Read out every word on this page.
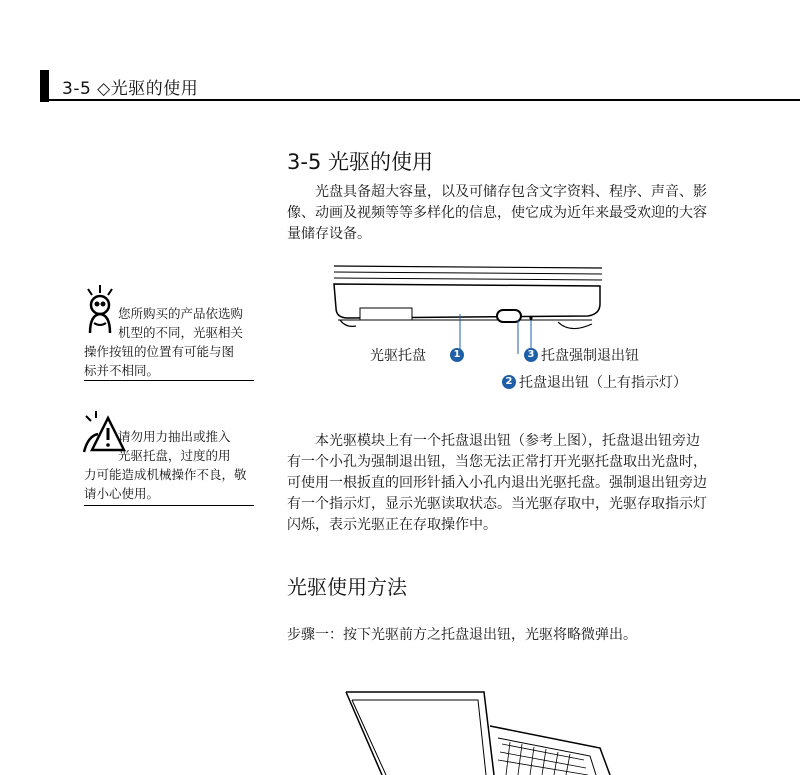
3-5 ◇光驱的使用
3-5 光驱的使用
光盘具备超大容量，以及可储存包含文字资料、程序、声音、影像、动画及视频等等多样化的信息，使它成为近年来最受欢迎的大容量储存设备。
您所购买的产品依选购
机型的不同，光驱相关
操作按钮的位置有可能与图
标并不相同。
请勿用力抽出或推入
光驱托盘，过度的用
力可能造成机械操作不良，敬
请小心使用。
光驱托盘	1	3 托盘强制退出钮
2 托盘退出钮（上有指示灯）
本光驱模块上有一个托盘退出钮（参考上图），托盘退出钮旁边有一个小孔为强制退出钮，当您无法正常打开光驱托盘取出光盘时，可使用一根扳直的回形针插入小孔内退出光驱托盘。强制退出钮旁边有一个指示灯，显示光驱读取状态。当光驱存取中，光驱存取指示灯闪烁，表示光驱正在存取操作中。
光驱使用方法
步骤一：按下光驱前方之托盘退出钮，光驱将略微弹出。
